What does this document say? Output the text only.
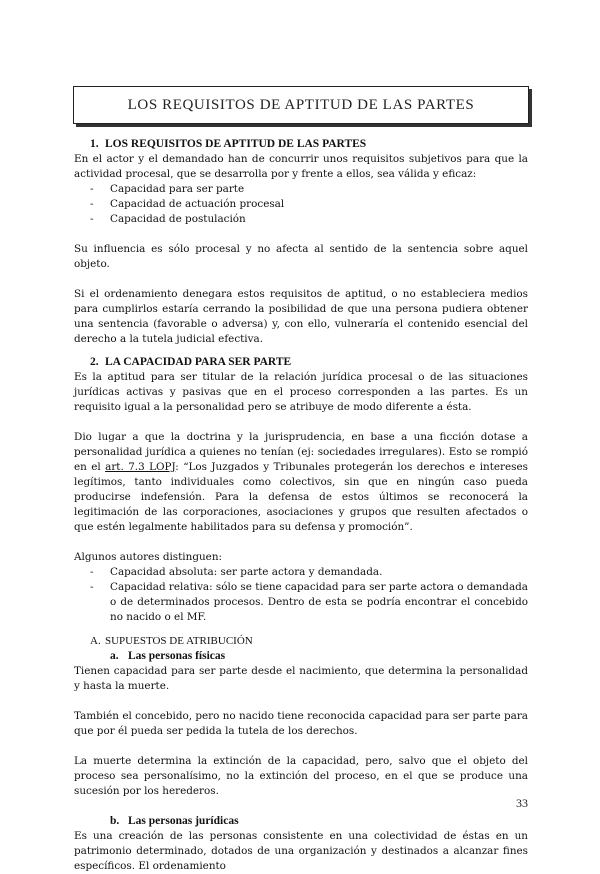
LOS REQUISITOS DE APTITUD DE LAS PARTES

1. LOS REQUISITOS DE APTITUD DE LAS PARTES

En el actor y el demandado han de concurrir unos requisitos subjetivos para que la actividad procesal, que se desarrolla por y frente a ellos, sea válida y eficaz:

- Capacidad para ser parte
- Capacidad de actuación procesal
- Capacidad de postulación

Su influencia es sólo procesal y no afecta al sentido de la sentencia sobre aquel objeto.

Si el ordenamiento denegara estos requisitos de aptitud, o no estableciera medios para cumplirlos estaría cerrando la posibilidad de que una persona pudiera obtener una sentencia (favorable o adversa) y, con ello, vulneraría el contenido esencial del derecho a la tutela judicial efectiva.

2. LA CAPACIDAD PARA SER PARTE

Es la aptitud para ser titular de la relación jurídica procesal o de las situaciones jurídicas activas y pasivas que en el proceso corresponden a las partes. Es un requisito igual a la personalidad pero se atribuye de modo diferente a ésta.

Dio lugar a que la doctrina y la jurisprudencia, en base a una ficción dotase a personalidad jurídica a quienes no tenían (ej: sociedades irregulares). Esto se rompió en el art. 7.3 LOPJ: “Los Juzgados y Tribunales protegerán los derechos e intereses legítimos, tanto individuales como colectivos, sin que en ningún caso pueda producirse indefensión. Para la defensa de estos últimos se reconocerá la legitimación de las corporaciones, asociaciones y grupos que resulten afectados o que estén legalmente habilitados para su defensa y promoción”.

Algunos autores distinguen:

- Capacidad absoluta: ser parte actora y demandada.
- Capacidad relativa: sólo se tiene capacidad para ser parte actora o demandada o de determinados procesos. Dentro de esta se podría encontrar el concebido no nacido o el MF.

A. SUPUESTOS DE ATRIBUCIÓN

a. Las personas físicas

Tienen capacidad para ser parte desde el nacimiento, que determina la personalidad y hasta la muerte.

También el concebido, pero no nacido tiene reconocida capacidad para ser parte para que por él pueda ser pedida la tutela de los derechos.

La muerte determina la extinción de la capacidad, pero, salvo que el objeto del proceso sea personalísimo, no la extinción del proceso, en el que se produce una sucesión por los herederos.

b. Las personas jurídicas

Es una creación de las personas consistente en una colectividad de éstas en un patrimonio determinado, dotados de una organización y destinados a alcanzar fines específicos. El ordenamiento

33
